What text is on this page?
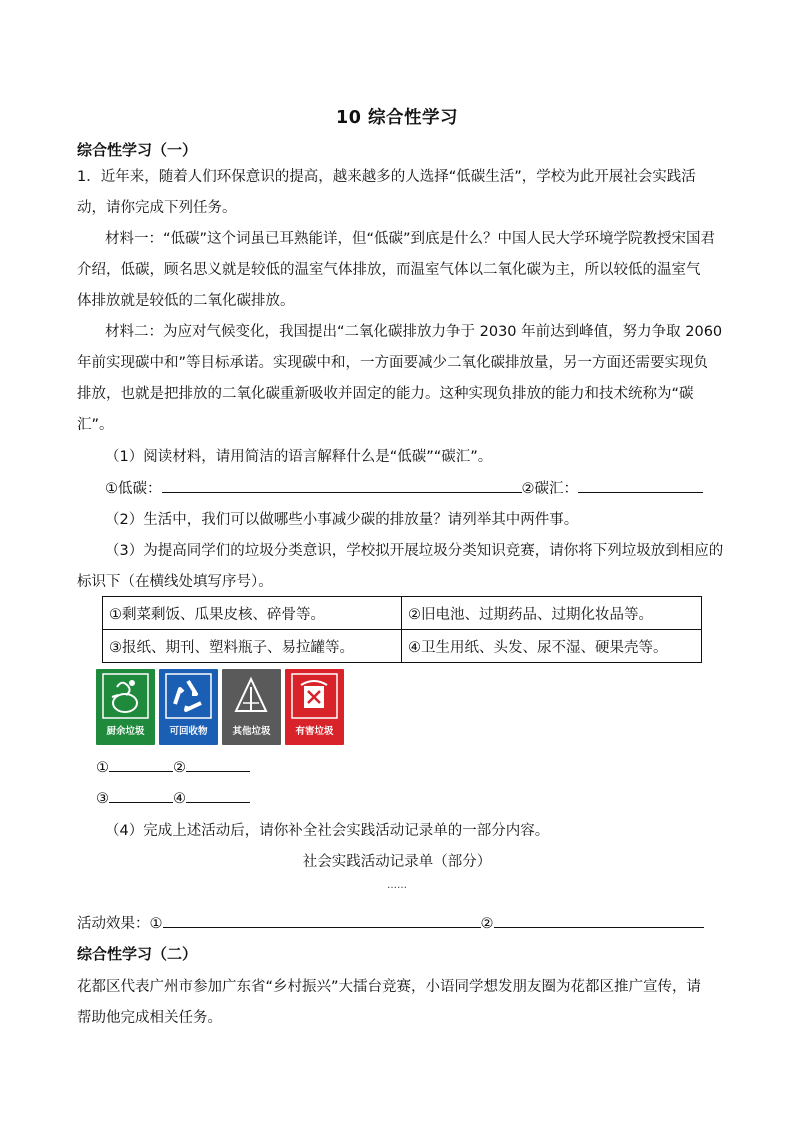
10 综合性学习
综合性学习（一）
1．近年来，随着人们环保意识的提高，越来越多的人选择“低碳生活”，学校为此开展社会实践活
动，请你完成下列任务。
材料一：“低碳”这个词虽已耳熟能详，但“低碳”到底是什么？中国人民大学环境学院教授宋国君
介绍，低碳，顾名思义就是较低的温室气体排放，而温室气体以二氧化碳为主，所以较低的温室气
体排放就是较低的二氧化碳排放。
材料二：为应对气候变化，我国提出“二氧化碳排放力争于 2030 年前达到峰值，努力争取 2060
年前实现碳中和”等目标承诺。实现碳中和，一方面要减少二氧化碳排放量，另一方面还需要实现负
排放，也就是把排放的二氧化碳重新吸收并固定的能力。这种实现负排放的能力和技术统称为“碳
汇”。
（1）阅读材料，请用简洁的语言解释什么是“低碳”“碳汇”。
①低碳：	②碳汇：
（2）生活中，我们可以做哪些小事减少碳的排放量？请列举其中两件事。
（3）为提高同学们的垃圾分类意识，学校拟开展垃圾分类知识竞赛，请你将下列垃圾放到相应的
标识下（在横线处填写序号）。
①剩菜剩饭、瓜果皮核、碎骨等。	②旧电池、过期药品、过期化妆品等。
③报纸、期刊、塑料瓶子、易拉罐等。	④卫生用纸、头发、尿不湿、硬果壳等。
厨余垃圾	可回收物	其他垃圾	有害垃圾
①	②
③	④
（4）完成上述活动后，请你补全社会实践活动记录单的一部分内容。
社会实践活动记录单（部分）
……
活动效果：①	②
综合性学习（二）
花都区代表广州市参加广东省“乡村振兴”大擂台竞赛，小语同学想发朋友圈为花都区推广宣传，请
帮助他完成相关任务。
